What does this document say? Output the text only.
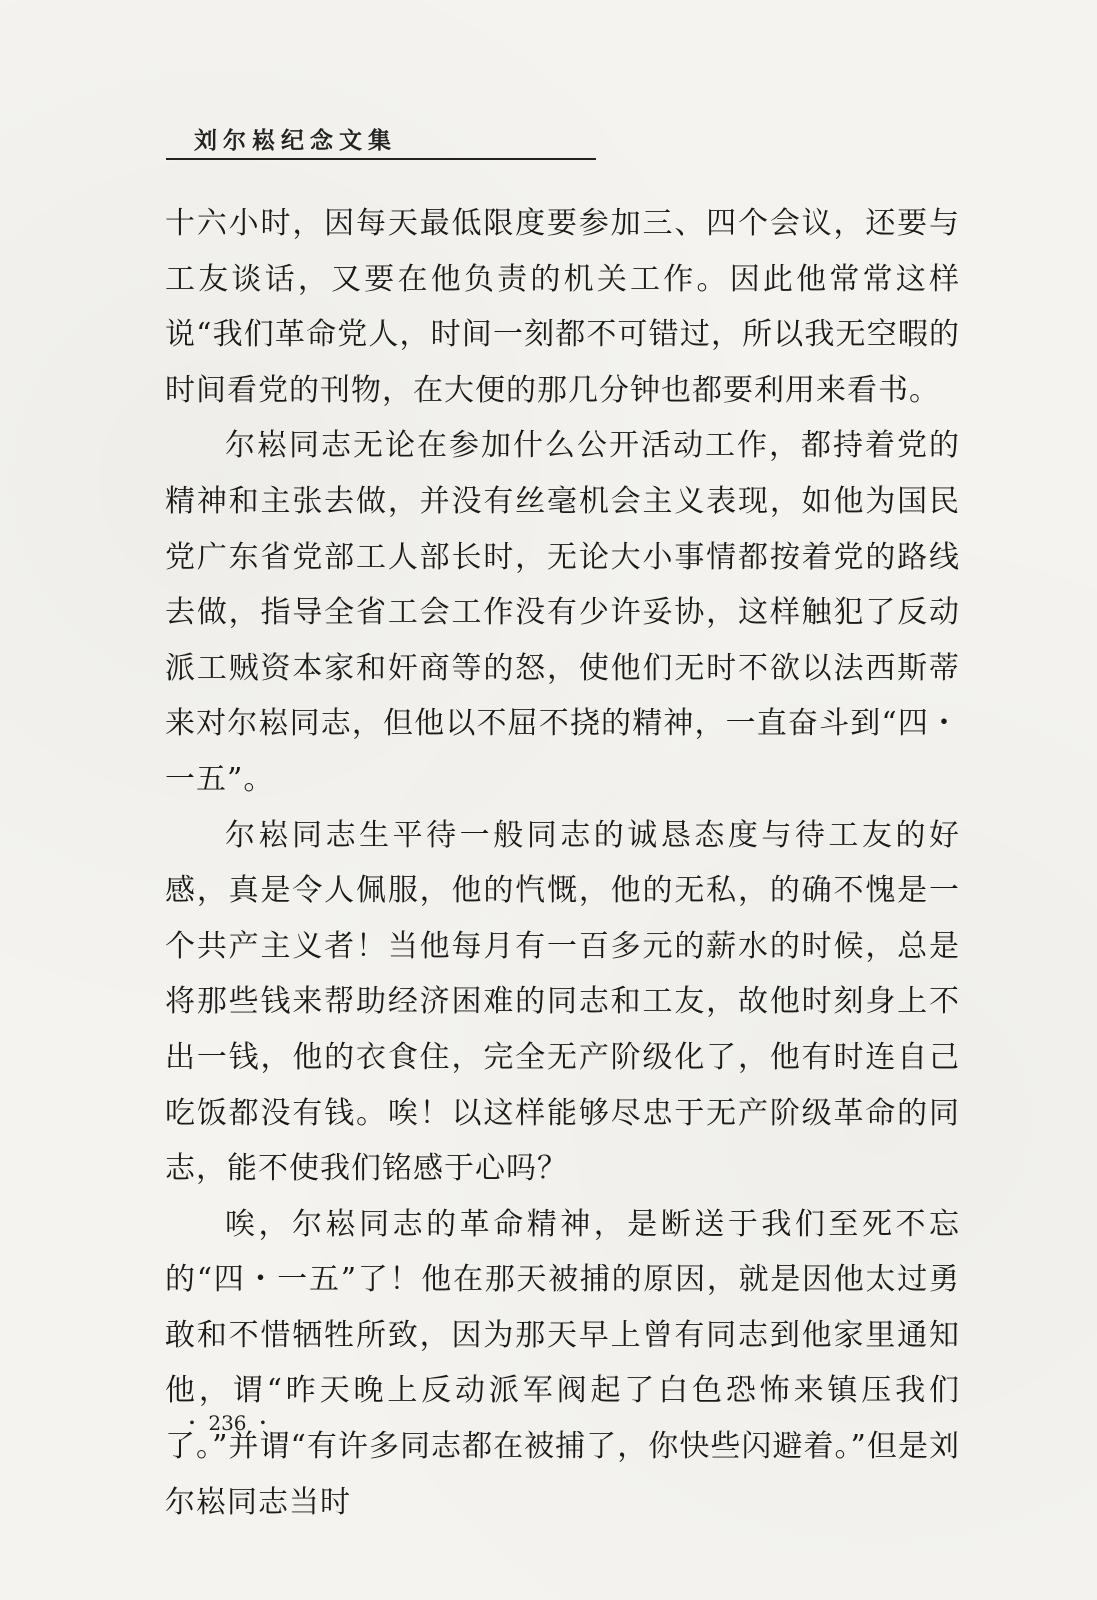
刘尔崧纪念文集

十六小时，因每天最低限度要参加三、四个会议，还要与工友谈话，又要在他负责的机关工作。因此他常常这样说“我们革命党人，时间一刻都不可错过，所以我无空暇的时间看党的刊物，在大便的那几分钟也都要利用来看书。

尔崧同志无论在参加什么公开活动工作，都持着党的精神和主张去做，并没有丝毫机会主义表现，如他为国民党广东省党部工人部长时，无论大小事情都按着党的路线去做，指导全省工会工作没有少许妥协，这样触犯了反动派工贼资本家和奸商等的怒，使他们无时不欲以法西斯蒂来对尔崧同志，但他以不屈不挠的精神，一直奋斗到“四・一五”。

尔崧同志生平待一般同志的诚恳态度与待工友的好感，真是令人佩服，他的忾慨，他的无私，的确不愧是一个共产主义者！当他每月有一百多元的薪水的时候，总是将那些钱来帮助经济困难的同志和工友，故他时刻身上不出一钱，他的衣食住，完全无产阶级化了，他有时连自己吃饭都没有钱。唉！以这样能够尽忠于无产阶级革命的同志，能不使我们铭感于心吗？

唉，尔崧同志的革命精神，是断送于我们至死不忘的“四・一五”了！他在那天被捕的原因，就是因他太过勇敢和不惜牺牲所致，因为那天早上曾有同志到他家里通知他，谓“昨天晚上反动派军阀起了白色恐怖来镇压我们了。”并谓“有许多同志都在被捕了，你快些闪避着。”但是刘尔崧同志当时

・ 236 ・
